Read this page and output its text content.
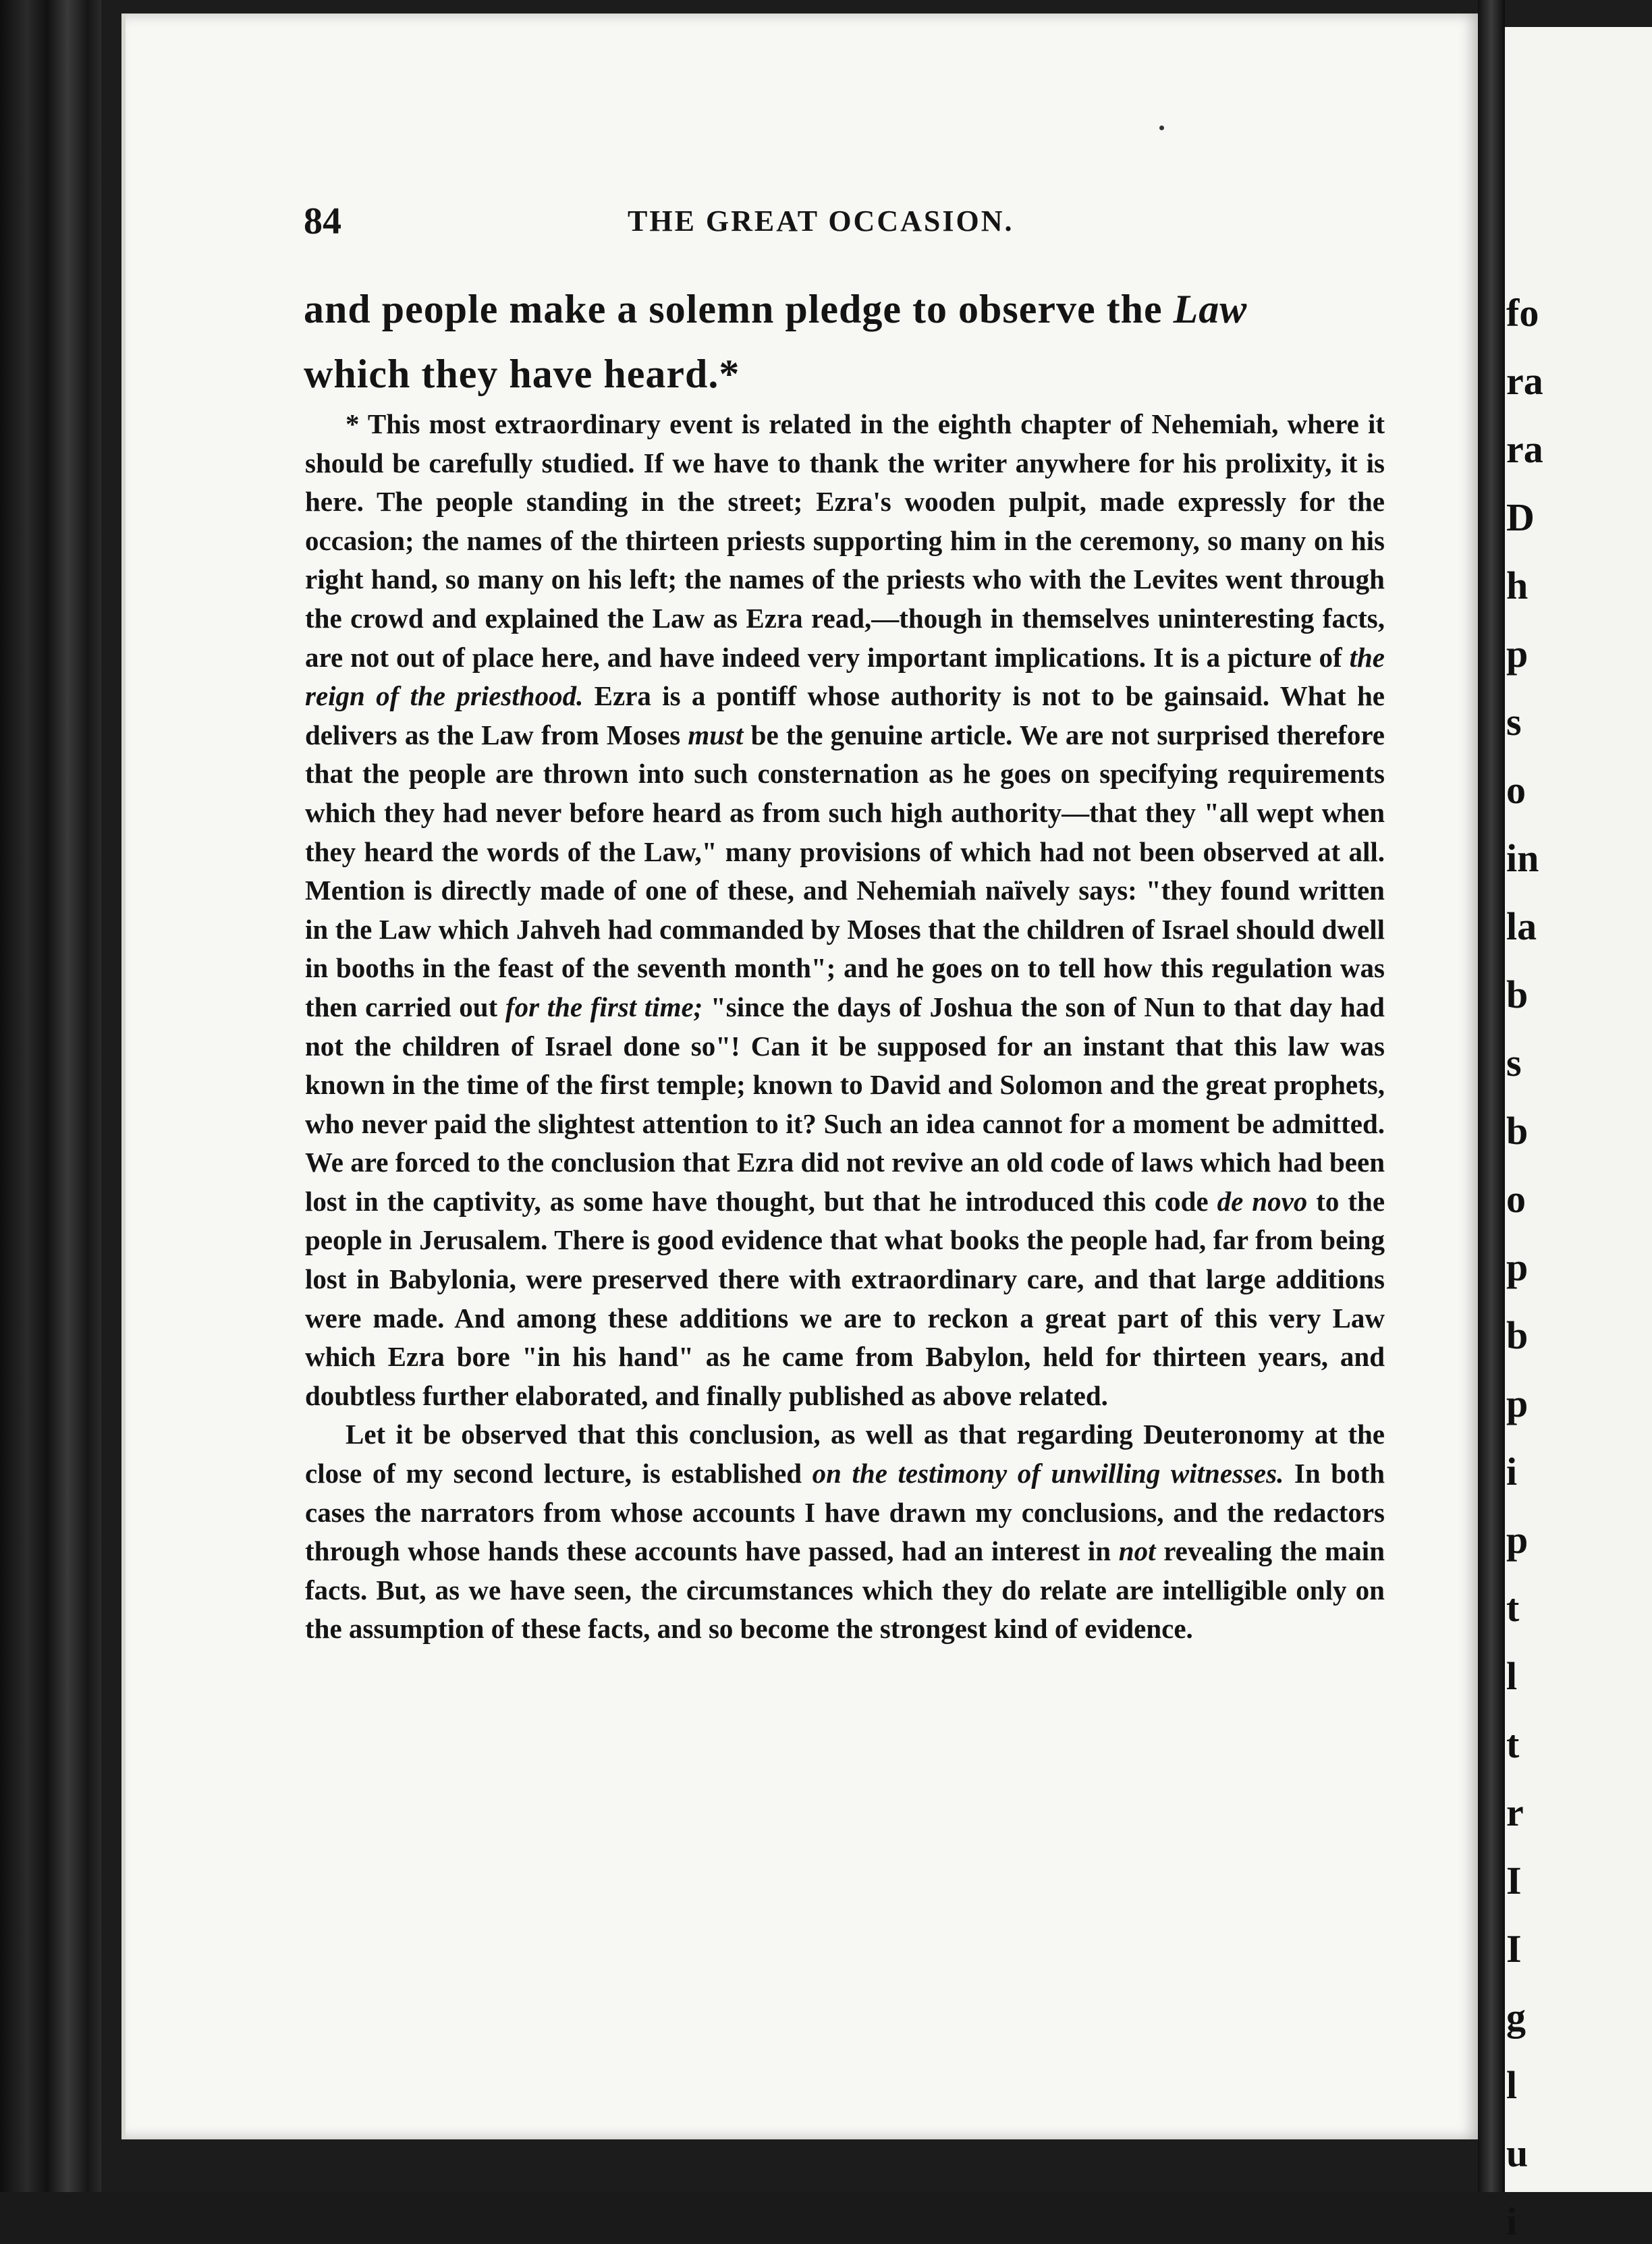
84	THE GREAT OCCASION.
and people make a solemn pledge to observe the Law
which they have heard.*

* This most extraordinary event is related in the eighth chapter of Nehemiah, where it should be carefully studied. If we have to thank the writer anywhere for his prolixity, it is here. The people standing in the street; Ezra's wooden pulpit, made expressly for the occasion; the names of the thirteen priests supporting him in the ceremony, so many on his right hand, so many on his left; the names of the priests who with the Levites went through the crowd and explained the Law as Ezra read,—though in themselves uninteresting facts, are not out of place here, and have indeed very important implications. It is a picture of the reign of the priesthood. Ezra is a pontiff whose authority is not to be gainsaid. What he delivers as the Law from Moses must be the genuine article. We are not surprised therefore that the people are thrown into such consternation as he goes on specifying requirements which they had never before heard as from such high authority—that they "all wept when they heard the words of the Law," many provisions of which had not been observed at all. Mention is directly made of one of these, and Nehemiah naïvely says: "they found written in the Law which Jahveh had commanded by Moses that the children of Israel should dwell in booths in the feast of the seventh month"; and he goes on to tell how this regulation was then carried out for the first time; "since the days of Joshua the son of Nun to that day had not the children of Israel done so"! Can it be supposed for an instant that this law was known in the time of the first temple; known to David and Solomon and the great prophets, who never paid the slightest attention to it? Such an idea cannot for a moment be admitted. We are forced to the conclusion that Ezra did not revive an old code of laws which had been lost in the captivity, as some have thought, but that he introduced this code de novo to the people in Jerusalem. There is good evidence that what books the people had, far from being lost in Babylonia, were preserved there with extraordinary care, and that large additions were made. And among these additions we are to reckon a great part of this very Law which Ezra bore "in his hand" as he came from Babylon, held for thirteen years, and doubtless further elaborated, and finally published as above related.

Let it be observed that this conclusion, as well as that regarding Deuteronomy at the close of my second lecture, is established on the testimony of unwilling witnesses. In both cases the narrators from whose accounts I have drawn my conclusions, and the redactors through whose hands these accounts have passed, had an interest in not revealing the main facts. But, as we have seen, the circumstances which they do relate are intelligible only on the assumption of these facts, and so become the strongest kind of evidence.

fo
ra
ra
D
h
p
s
o
in
la
b
s
b
o
p
b
p
i
p
t
l
t
r
I
I
g
l
u
i
